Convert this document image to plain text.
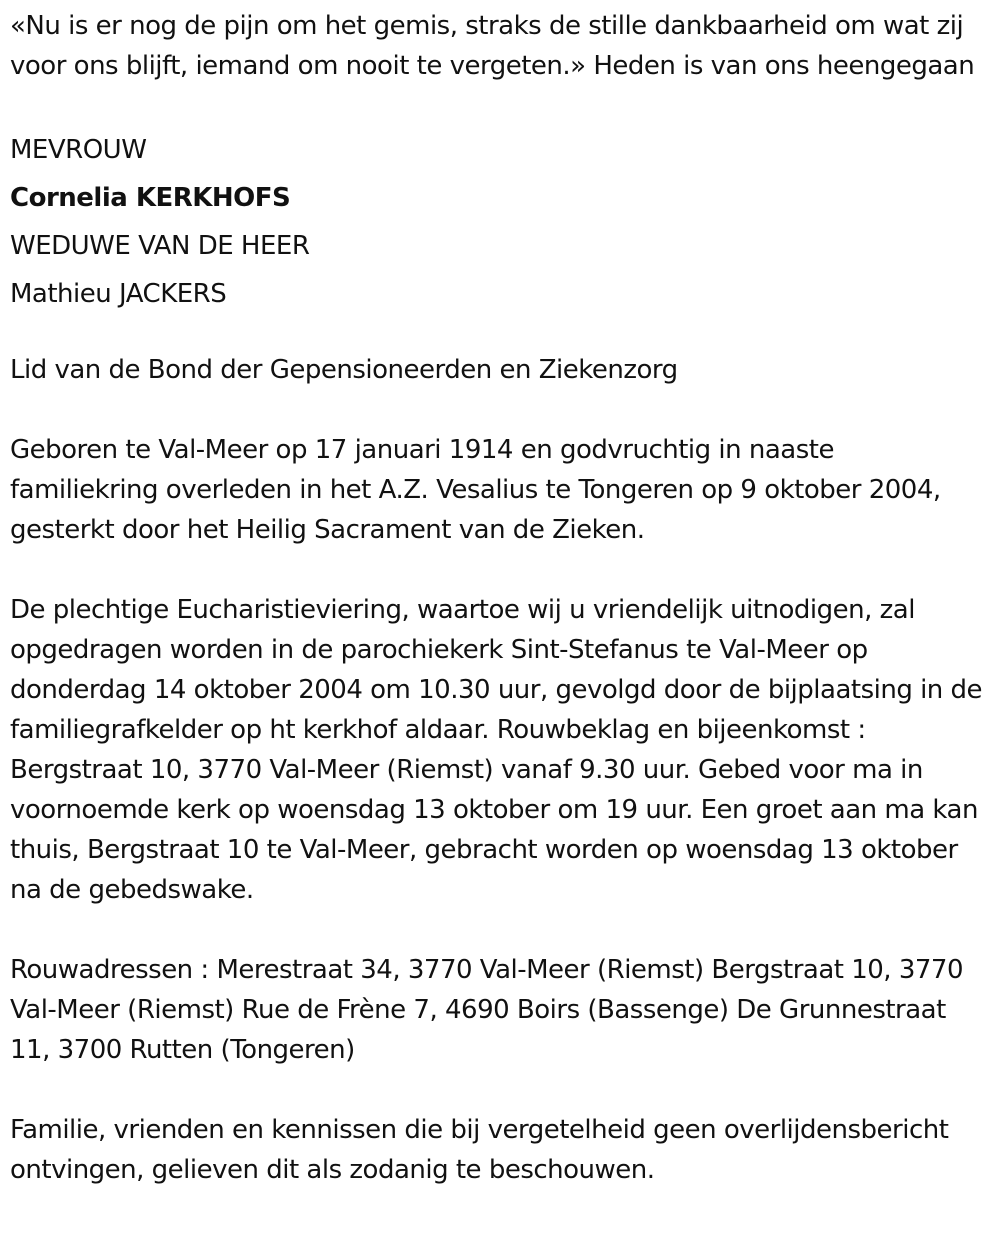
«Nu is er nog de pijn om het gemis, straks de stille dankbaarheid om wat zij voor ons blijft, iemand om nooit te vergeten.» Heden is van ons heengegaan

MEVROUW
Cornelia KERKHOFS
WEDUWE VAN DE HEER
Mathieu JACKERS

Lid van de Bond der Gepensioneerden en Ziekenzorg

Geboren te Val-Meer op 17 januari 1914 en godvruchtig in naaste familiekring overleden in het A.Z. Vesalius te Tongeren op 9 oktober 2004, gesterkt door het Heilig Sacrament van de Zieken.

De plechtige Eucharistieviering, waartoe wij u vriendelijk uitnodigen, zal opgedragen worden in de parochiekerk Sint-Stefanus te Val-Meer op donderdag 14 oktober 2004 om 10.30 uur, gevolgd door de bijplaatsing in de familiegrafkelder op ht kerkhof aldaar. Rouwbeklag en bijeenkomst : Bergstraat 10, 3770 Val-Meer (Riemst) vanaf 9.30 uur. Gebed voor ma in voornoemde kerk op woensdag 13 oktober om 19 uur. Een groet aan ma kan thuis, Bergstraat 10 te Val-Meer, gebracht worden op woensdag 13 oktober na de gebedswake.

Rouwadressen : Merestraat 34, 3770 Val-Meer (Riemst) Bergstraat 10, 3770 Val-Meer (Riemst) Rue de Frène 7, 4690 Boirs (Bassenge) De Grunnestraat 11, 3700 Rutten (Tongeren)

Familie, vrienden en kennissen die bij vergetelheid geen overlijdensbericht ontvingen, gelieven dit als zodanig te beschouwen.
